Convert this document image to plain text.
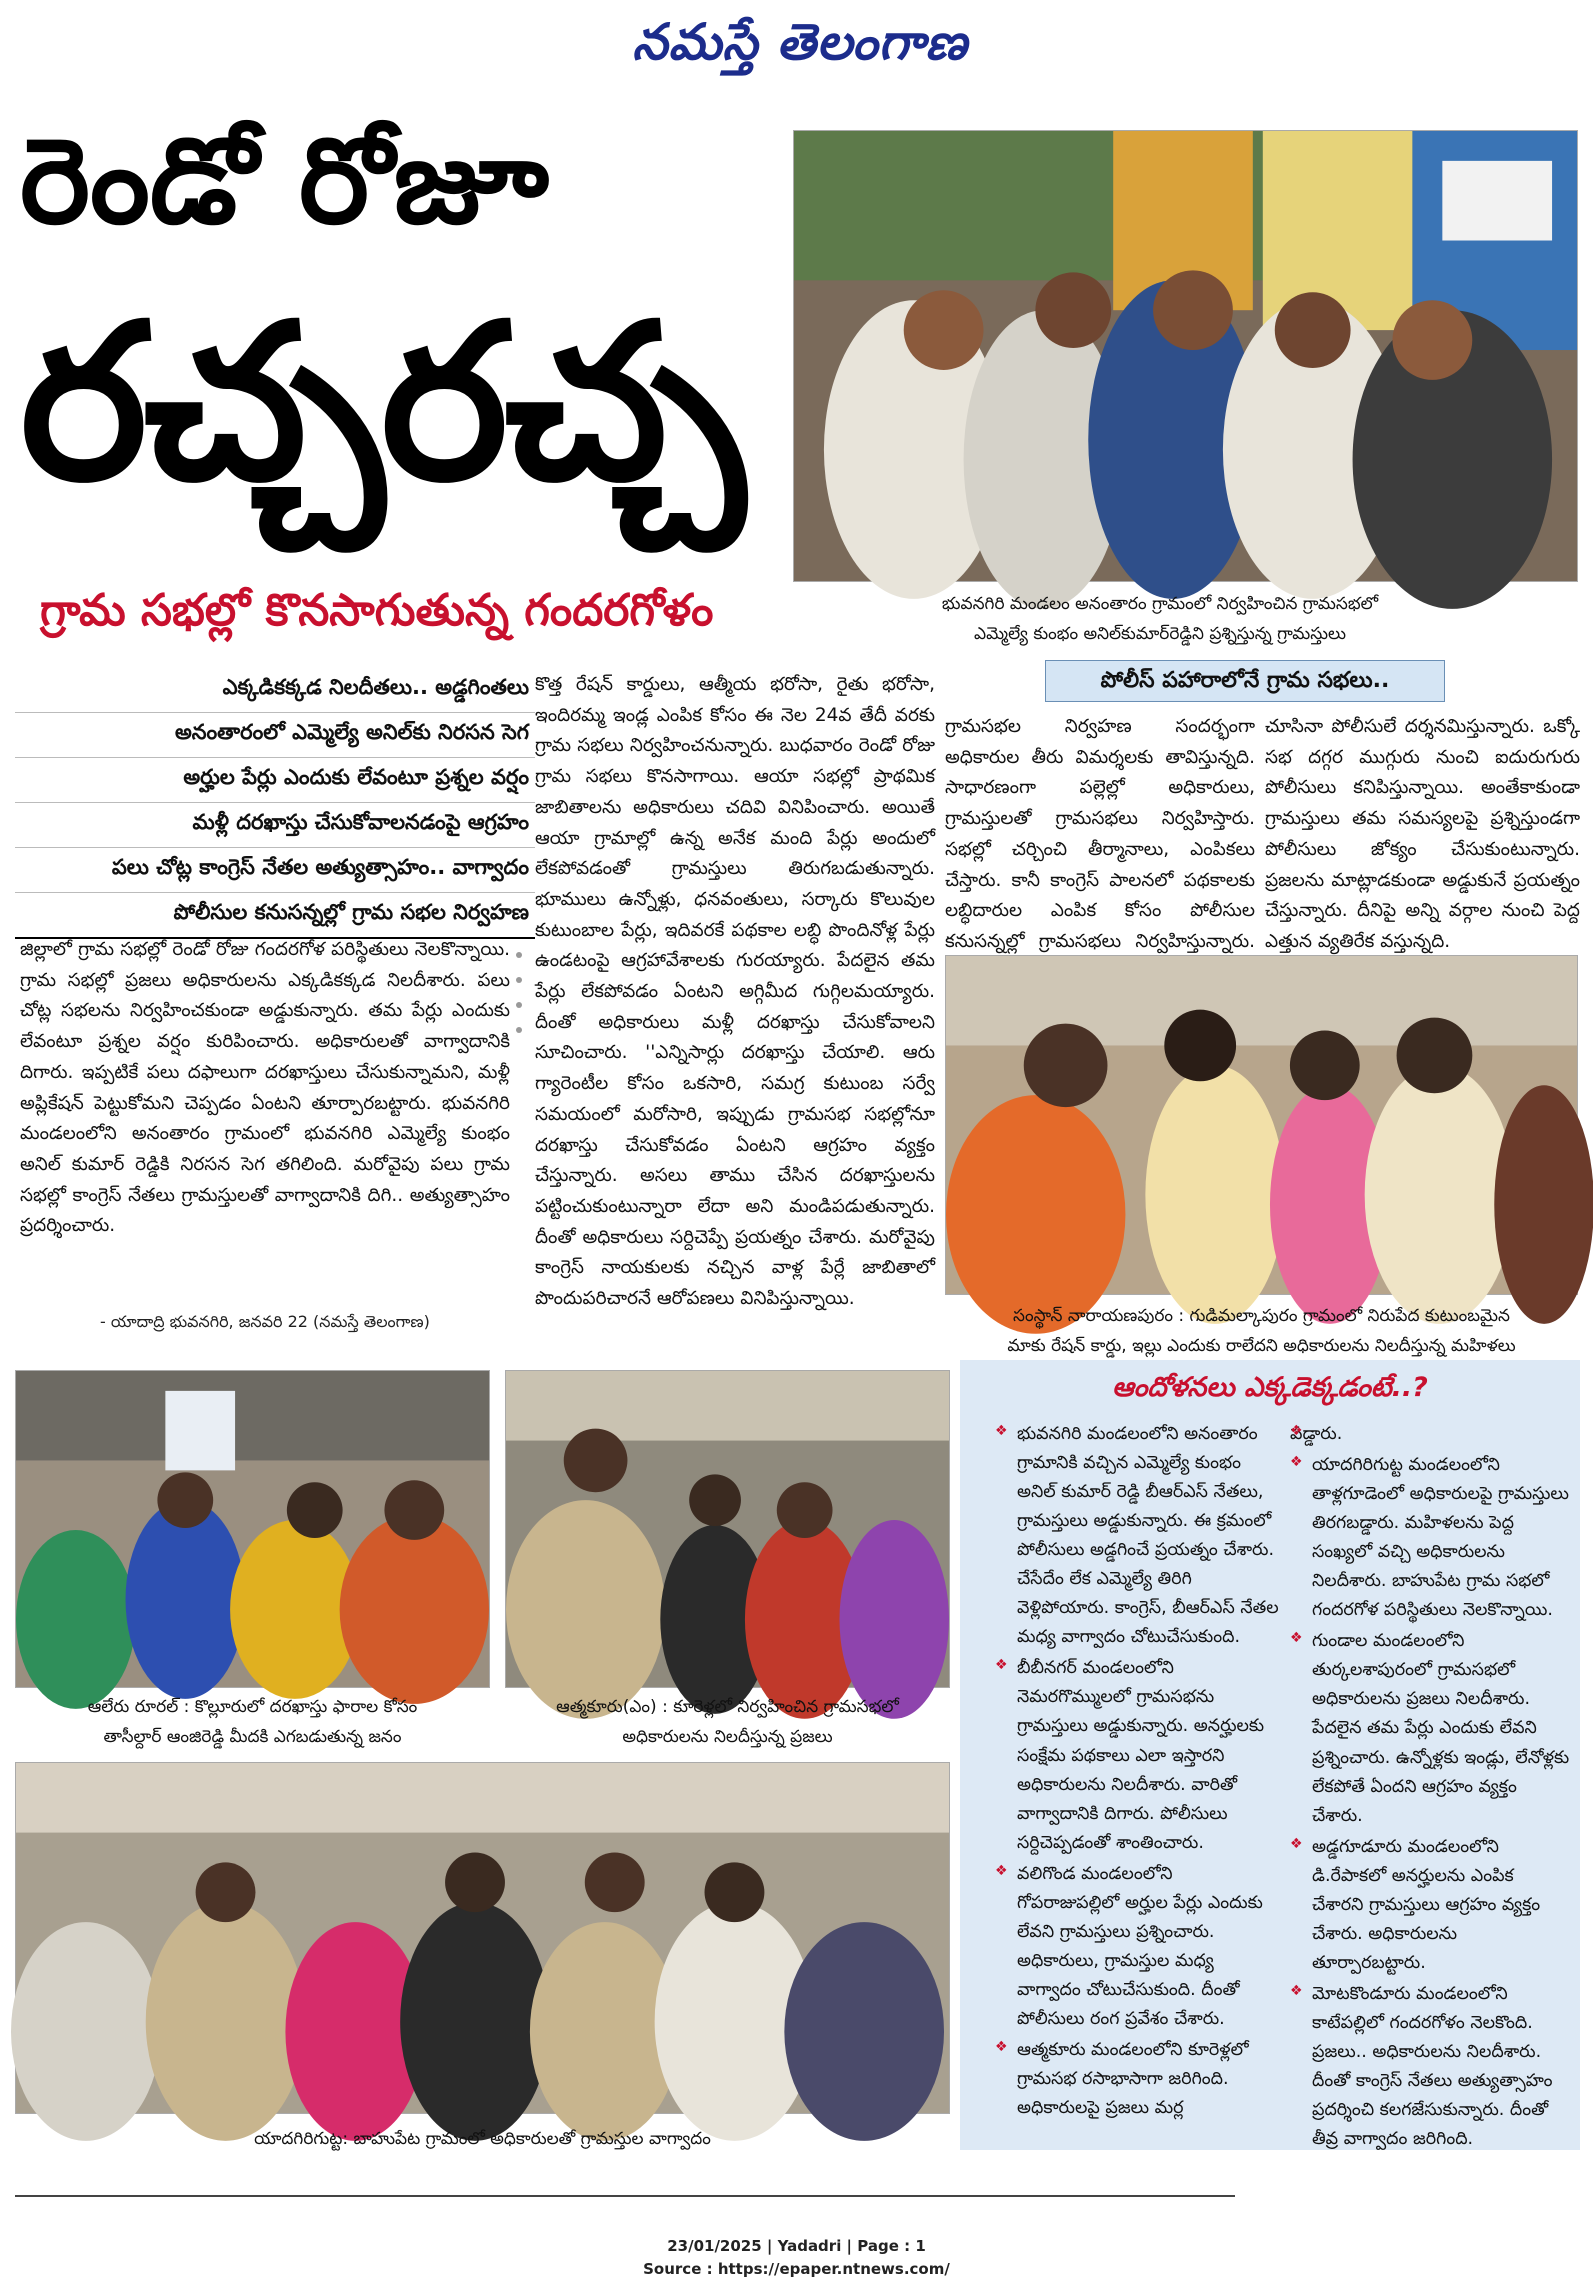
నమస్తే తెలంగాణ
రెండో రోజూ
రచ్చరచ్చ
గ్రామ సభల్లో కొనసాగుతున్న గందరగోళం	భువనగిరి మండలం అనంతారం గ్రామంలో నిర్వహించిన గ్రామసభలో
ఎమ్మెల్యే కుంభం అనిల్‌కుమార్‌రెడ్డిని ప్రశ్నిస్తున్న గ్రామస్తులు
ఎక్కడికక్కడ నిలదీతలు.. అడ్డగింతలు
అనంతారంలో ఎమ్మెల్యే అనిల్‌కు నిరసన సెగ
అర్హుల పేర్లు ఎందుకు లేవంటూ ప్రశ్నల వర్షం
మళ్లీ దరఖాస్తు చేసుకోవాలనడంపై ఆగ్రహం
పలు చోట్ల కాంగ్రెస్ నేతల అత్యుత్సాహం.. వాగ్వాదం
పోలీసుల కనుసన్నల్లో గ్రామ సభల నిర్వహణ
జిల్లాలో గ్రామ సభల్లో రెండో రోజు గందరగోళ పరిస్థితులు నెలకొన్నాయి. గ్రామ సభల్లో ప్రజలు అధికారులను ఎక్కడికక్కడ నిలదీశారు. పలు చోట్ల సభలను నిర్వహించకుండా అడ్డుకున్నారు. తమ పేర్లు ఎందుకు లేవంటూ ప్రశ్నల వర్షం కురిపించారు. అధికారులతో వాగ్వాదానికి దిగారు. ఇప్పటికే పలు దఫాలుగా దరఖాస్తులు చేసుకున్నామని, మళ్లీ అప్లికేషన్ పెట్టుకోమని చెప్పడం ఏంటని తూర్పారబట్టారు. భువనగిరి మండలంలోని అనంతారం గ్రామంలో భువనగిరి ఎమ్మెల్యే కుంభం అనిల్ కుమార్ రెడ్డికి నిరసన సెగ తగిలింది. మరోవైపు పలు గ్రామ సభల్లో కాంగ్రెస్ నేతలు గ్రామస్తులతో వాగ్వాదానికి దిగి.. అత్యుత్సాహం ప్రదర్శించారు.
- యాదాద్రి భువనగిరి, జనవరి 22 (నమస్తే తెలంగాణ)
కొత్త రేషన్ కార్డులు, ఆత్మీయ భరోసా, రైతు భరోసా, ఇందిరమ్మ ఇండ్ల ఎంపిక కోసం ఈ నెల 24వ తేదీ వరకు గ్రామ సభలు నిర్వహించనున్నారు. బుధవారం రెండో రోజు గ్రామ సభలు కొనసాగాయి. ఆయా సభల్లో ప్రాథమిక జాబితాలను అధికారులు చదివి వినిపించారు. అయితే ఆయా గ్రామాల్లో ఉన్న అనేక మంది పేర్లు అందులో లేకపోవడంతో గ్రామస్తులు తిరుగబడుతున్నారు. భూములు ఉన్నోళ్లు, ధనవంతులు, సర్కారు కొలువుల కుటుంబాల పేర్లు, ఇదివరకే పథకాల లబ్ధి పొందినోళ్ల పేర్లు ఉండటంపై ఆగ్రహావేశాలకు గురయ్యారు. పేదలైన తమ పేర్లు లేకపోవడం ఏంటని అగ్గిమీద గుగ్గిలమయ్యారు. దీంతో అధికారులు మళ్లీ దరఖాస్తు చేసుకోవాలని సూచించారు. ''ఎన్నిసార్లు దరఖాస్తు చేయాలి. ఆరు గ్యారెంటీల కోసం ఒకసారి, సమగ్ర కుటుంబ సర్వే సమయంలో మరోసారి, ఇప్పుడు గ్రామసభ సభల్లోనూ దరఖాస్తు చేసుకోవడం ఏంటని ఆగ్రహం వ్యక్తం చేస్తున్నారు. అసలు తాము చేసిన దరఖాస్తులను పట్టించుకుంటున్నారా లేదా అని మండిపడుతున్నారు. దీంతో అధికారులు సర్దిచెప్పే ప్రయత్నం చేశారు. మరోవైపు కాంగ్రెస్ నాయకులకు నచ్చిన వాళ్ల పేర్లే జాబితాలో పొందుపరిచారనే ఆరోపణలు వినిపిస్తున్నాయి.
పోలీస్ పహారాలోనే గ్రామ సభలు..
గ్రామసభల నిర్వహణ సందర్భంగా అధికారుల తీరు విమర్శలకు తావిస్తున్నది. సాధారణంగా పల్లెల్లో అధికారులు, గ్రామస్తులతో గ్రామసభలు నిర్వహిస్తారు. సభల్లో చర్చించి తీర్మానాలు, ఎంపికలు చేస్తారు. కానీ కాంగ్రెస్ పాలనలో పథకాలకు లబ్ధిదారుల ఎంపిక కోసం పోలీసుల కనుసన్నల్లో గ్రామసభలు నిర్వహిస్తున్నారు.
చూసినా పోలీసులే దర్శనమిస్తున్నారు. ఒక్కో సభ దగ్గర ముగ్గురు నుంచి ఐదురుగురు పోలీసులు కనిపిస్తున్నాయి. అంతేకాకుండా గ్రామస్తులు తమ సమస్యలపై ప్రశ్నిస్తుండగా పోలీసులు జోక్యం చేసుకుంటున్నారు. ప్రజలను మాట్లాడకుండా అడ్డుకునే ప్రయత్నం చేస్తున్నారు. దీనిపై అన్ని వర్గాల నుంచి పెద్ద ఎత్తున వ్యతిరేక వస్తున్నది.
సంస్థాన్ నారాయణపురం : గుడిమల్కాపురం గ్రామంలో నిరుపేద కుటుంబమైన
మాకు రేషన్ కార్డు, ఇల్లు ఎందుకు రాలేదని అధికారులను నిలదీస్తున్న మహిళలు
ఆలేరు రూరల్ : కొల్లూరులో దరఖాస్తు ఫారాల కోసం
తాసీల్దార్ ఆంజిరెడ్డి మీదకి ఎగబడుతున్న జనం
ఆత్మకూరు(ఎం) : కూరెళ్లలో నిర్వహించిన గ్రామసభలో
అధికారులను నిలదీస్తున్న ప్రజలు
యాదగిరిగుట్ట: బాహుపేట గ్రామంలో అధికారులతో గ్రామస్తుల వాగ్వాదం
ఆందోళనలు ఎక్కడెక్కడంటే..?
❖ భువనగిరి మండలంలోని అనంతారం గ్రామానికి వచ్చిన ఎమ్మెల్యే కుంభం అనిల్ కుమార్ రెడ్డి బీఆర్ఎస్ నేతలు, గ్రామస్తులు అడ్డుకున్నారు. ఈ క్రమంలో పోలీసులు అడ్డగించే ప్రయత్నం చేశారు. చేసేదేం లేక ఎమ్మెల్యే తిరిగి వెళ్లిపోయారు. కాంగ్రెస్, బీఆర్ఎస్ నేతల మధ్య వాగ్వాదం చోటుచేసుకుంది.
❖ బీబీనగర్ మండలంలోని నెమరగొమ్ములలో గ్రామసభను గ్రామస్తులు అడ్డుకున్నారు. అనర్హులకు సంక్షేమ పథకాలు ఎలా ఇస్తారని అధికారులను నిలదీశారు. వారితో వాగ్వాదానికి దిగారు. పోలీసులు సర్దిచెప్పడంతో శాంతించారు.
❖ వలిగొండ మండలంలోని గోపరాజుపల్లిలో అర్హుల పేర్లు ఎందుకు లేవని గ్రామస్తులు ప్రశ్నించారు. అధికారులు, గ్రామస్తుల మధ్య వాగ్వాదం చోటుచేసుకుంది. దీంతో పోలీసులు రంగ ప్రవేశం చేశారు.
❖ ఆత్మకూరు మండలంలోని కూరెళ్లలో గ్రామసభ రసాభాసాగా జరిగింది. అధికారులపై ప్రజలు మర్ల
❖ పడ్డారు.
❖ యాదగిరిగుట్ట మండలంలోని తాళ్లగూడెంలో అధికారులపై గ్రామస్తులు తిరగబడ్డారు. మహిళలను పెద్ద సంఖ్యలో వచ్చి అధికారులను నిలదీశారు. బాహుపేట గ్రామ సభలో గందరగోళ పరిస్థితులు నెలకొన్నాయి.
❖ గుండాల మండలంలోని తుర్కలశాపురంలో గ్రామసభలో అధికారులను ప్రజలు నిలదీశారు. పేదలైన తమ పేర్లు ఎందుకు లేవని ప్రశ్నించారు. ఉన్నోళ్లకు ఇండ్లు, లేనోళ్లకు లేకపోతే ఏందని ఆగ్రహం వ్యక్తం చేశారు.
❖ అడ్డగూడూరు మండలంలోని డి.రేపాకలో అనర్హులను ఎంపిక చేశారని గ్రామస్తులు ఆగ్రహం వ్యక్తం చేశారు. అధికారులను తూర్పారబట్టారు.
❖ మోటకొండూరు మండలంలోని కాటేపల్లిలో గందరగోళం నెలకొంది. ప్రజలు.. అధికారులను నిలదీశారు. దీంతో కాంగ్రెస్ నేతలు అత్యుత్సాహం ప్రదర్శించి కలగజేసుకున్నారు. దీంతో తీవ్ర వాగ్వాదం జరిగింది.
23/01/2025 | Yadadri | Page : 1
Source : https://epaper.ntnews.com/
